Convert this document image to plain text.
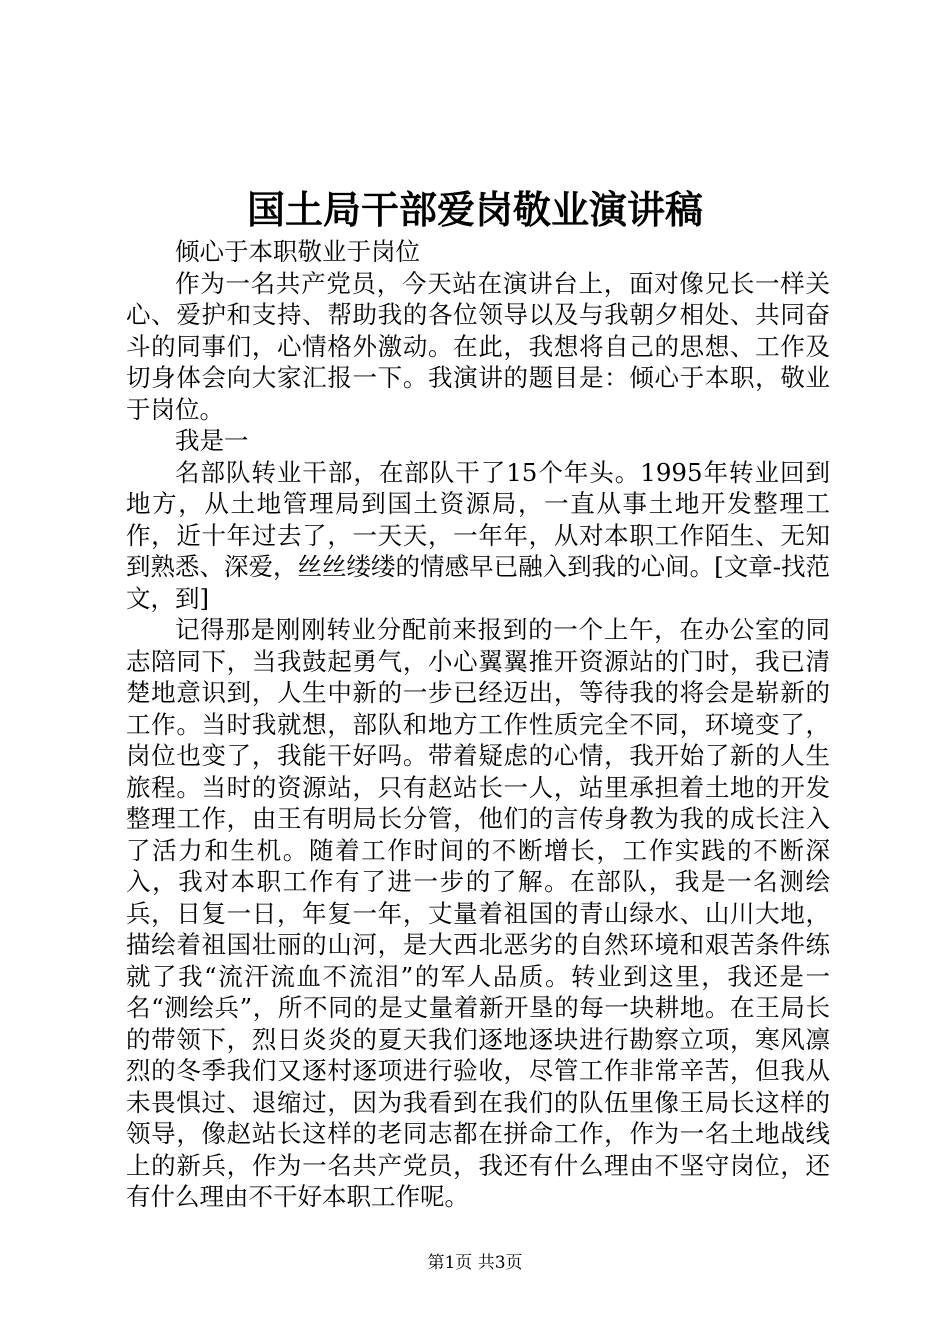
国土局干部爱岗敬业演讲稿

倾心于本职敬业于岗位

作为一名共产党员，今天站在演讲台上，面对像兄长一样关心、爱护和支持、帮助我的各位领导以及与我朝夕相处、共同奋斗的同事们，心情格外激动。在此，我想将自己的思想、工作及切身体会向大家汇报一下。我演讲的题目是：倾心于本职，敬业于岗位。

我是一

名部队转业干部，在部队干了15个年头。1995年转业回到地方，从土地管理局到国土资源局，一直从事土地开发整理工作，近十年过去了，一天天，一年年，从对本职工作陌生、无知到熟悉、深爱，丝丝缕缕的情感早已融入到我的心间。[文章-找范文，到]

记得那是刚刚转业分配前来报到的一个上午，在办公室的同志陪同下，当我鼓起勇气，小心翼翼推开资源站的门时，我已清楚地意识到，人生中新的一步已经迈出，等待我的将会是崭新的工作。当时我就想，部队和地方工作性质完全不同，环境变了，岗位也变了，我能干好吗。带着疑虑的心情，我开始了新的人生旅程。当时的资源站，只有赵站长一人，站里承担着土地的开发整理工作，由王有明局长分管，他们的言传身教为我的成长注入了活力和生机。随着工作时间的不断增长，工作实践的不断深入，我对本职工作有了进一步的了解。在部队，我是一名测绘兵，日复一日，年复一年，丈量着祖国的青山绿水、山川大地，描绘着祖国壮丽的山河，是大西北恶劣的自然环境和艰苦条件练就了我“流汗流血不流泪”的军人品质。转业到这里，我还是一名“测绘兵”，所不同的是丈量着新开垦的每一块耕地。在王局长的带领下，烈日炎炎的夏天我们逐地逐块进行勘察立项，寒风凛烈的冬季我们又逐村逐项进行验收，尽管工作非常辛苦，但我从未畏惧过、退缩过，因为我看到在我们的队伍里像王局长这样的领导，像赵站长这样的老同志都在拼命工作，作为一名土地战线上的新兵，作为一名共产党员，我还有什么理由不坚守岗位，还有什么理由不干好本职工作呢。

第1页 共3页
